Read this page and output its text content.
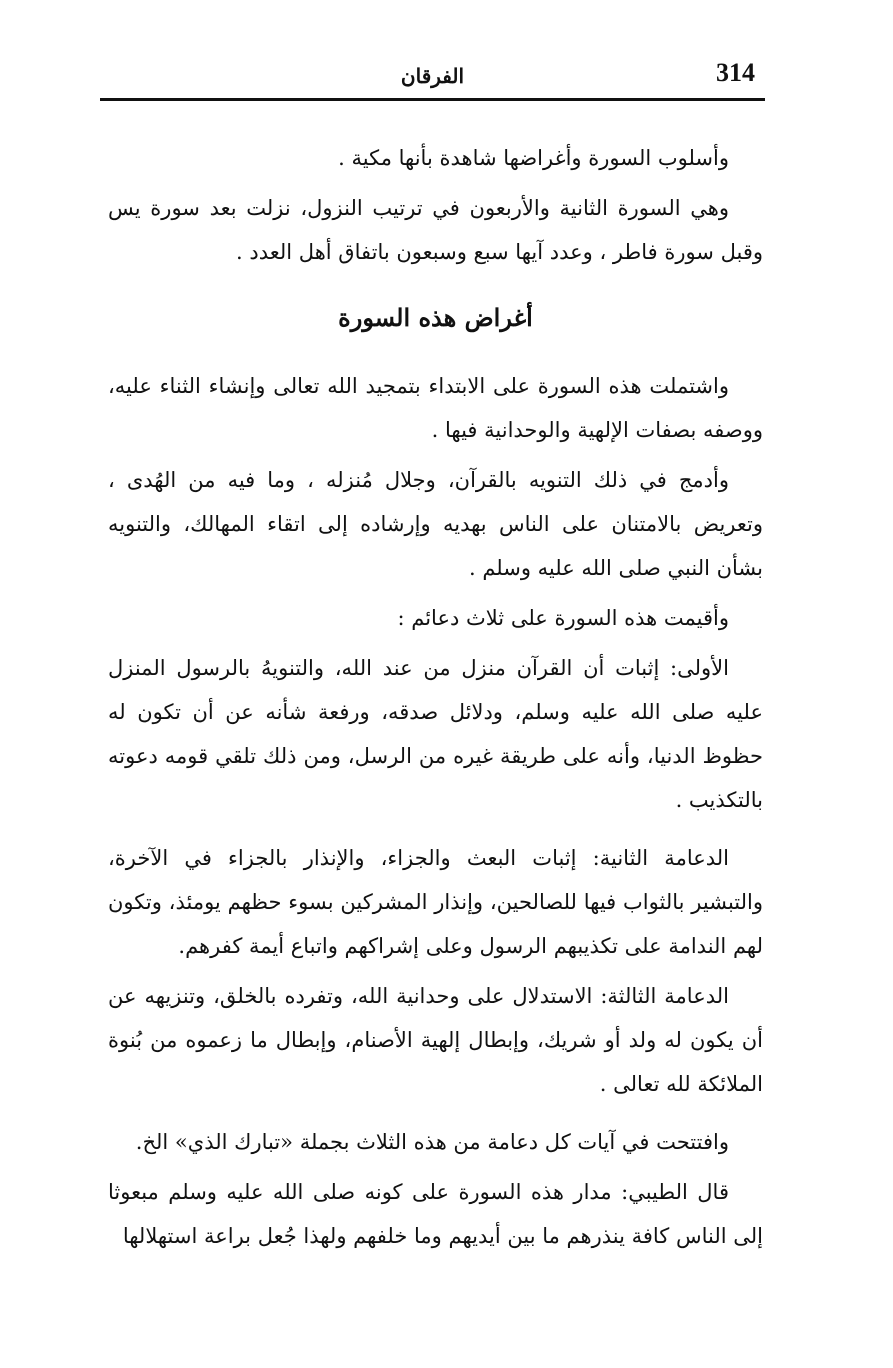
314
الفرقان

وأسلوب السورة وأغراضها شاهدة بأنها مكية .

وهي السورة الثانية والأربعون في ترتيب النزول، نزلت بعد سورة يس وقبل سورة فاطر ، وعدد آيها سبع وسبعون باتفاق أهل العدد .

أغراض هذه السورة

واشتملت هذه السورة على الابتداء بتمجيد الله تعالى وإنشاء الثناء عليه، ووصفه بصفات الإلهية والوحدانية فيها .

وأدمج في ذلك التنويه بالقرآن، وجلال مُنزله ، وما فيه من الهُدى ، وتعريض بالامتنان على الناس بهديه وإرشاده إلى اتقاء المهالك، والتنويه بشأن النبي صلى الله عليه وسلم .

وأقيمت هذه السورة على ثلاث دعائم :

الأولى: إثبات أن القرآن منزل من عند الله، والتنويهُ بالرسول المنزل عليه صلى الله عليه وسلم، ودلائل صدقه، ورفعة شأنه عن أن تكون له حظوظ الدنيا، وأنه على طريقة غيره من الرسل، ومن ذلك تلقي قومه دعوته بالتكذيب .

الدعامة الثانية: إثبات البعث والجزاء، والإنذار بالجزاء في الآخرة، والتبشير بالثواب فيها للصالحين، وإنذار المشركين بسوء حظهم يومئذ، وتكون لهم الندامة على تكذيبهم الرسول وعلى إشراكهم واتباع أيمة كفرهم.

الدعامة الثالثة: الاستدلال على وحدانية الله، وتفرده بالخلق، وتنزيهه عن أن يكون له ولد أو شريك، وإبطال إلهية الأصنام، وإبطال ما زعموه من بُنوة الملائكة لله تعالى .

وافتتحت في آيات كل دعامة من هذه الثلاث بجملة «تبارك الذي» الخ.

قال الطيبي: مدار هذه السورة على كونه صلى الله عليه وسلم مبعوثا إلى الناس كافة ينذرهم ما بين أيديهم وما خلفهم ولهذا جُعل براعة استهلالها
